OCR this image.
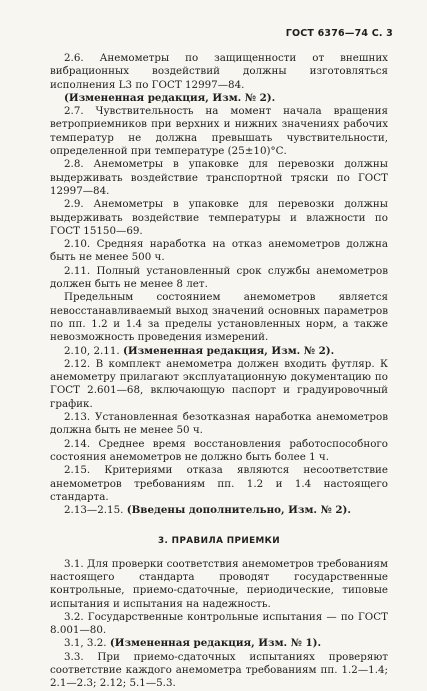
ГОСТ 6376—74 С. 3

2.6. Анемометры по защищенности от внешних вибрационных воздействий должны изготовляться исполнения L3 по ГОСТ 12997—84.

(Измененная редакция, Изм. № 2).

2.7. Чувствительность на момент начала вращения ветроприемников при верхних и нижних значениях рабочих температур не должна превышать чувствительности, определенной при температуре (25±10)°С.

2.8. Анемометры в упаковке для перевозки должны выдерживать воздействие транспортной тряски по ГОСТ 12997—84.

2.9. Анемометры в упаковке для перевозки должны выдерживать воздействие температуры и влажности по ГОСТ 15150—69.

2.10. Средняя наработка на отказ анемометров должна быть не менее 500 ч.

2.11. Полный установленный срок службы анемометров должен быть не менее 8 лет.

Предельным состоянием анемометров является невосстанавливаемый выход значений основных параметров по пп. 1.2 и 1.4 за пределы установленных норм, а также невозможность проведения измерений.

2.10, 2.11. (Измененная редакция, Изм. № 2).

2.12. В комплект анемометра должен входить футляр. К анемометру прилагают эксплуатационную документацию по ГОСТ 2.601—68, включающую паспорт и градуировочный график.

2.13. Установленная безотказная наработка анемометров должна быть не менее 50 ч.

2.14. Среднее время восстановления работоспособного состояния анемометров не должно быть более 1 ч.

2.15. Критериями отказа являются несоответствие анемометров требованиям пп. 1.2 и 1.4 настоящего стандарта.

2.13—2.15. (Введены дополнительно, Изм. № 2).

3. ПРАВИЛА ПРИЕМКИ

3.1. Для проверки соответствия анемометров требованиям настоящего стандарта проводят государственные контрольные, приемо-сдаточные, периодические, типовые испытания и испытания на надежность.

3.2. Государственные контрольные испытания — по ГОСТ 8.001—80.

3.1, 3.2. (Измененная редакция, Изм. № 1).

3.3. При приемо-сдаточных испытаниях проверяют соответствие каждого анемометра требованиям пп. 1.2—1.4; 2.1—2.3; 2.12; 5.1—5.3.
